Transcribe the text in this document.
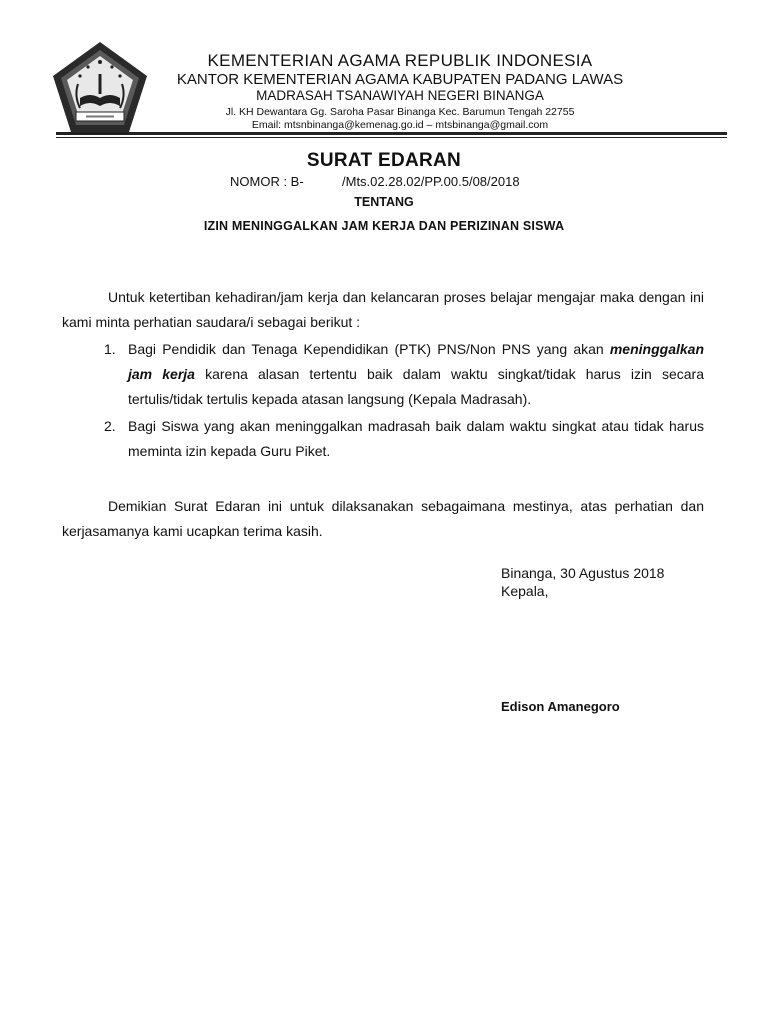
KEMENTERIAN AGAMA REPUBLIK INDONESIA
KANTOR KEMENTERIAN AGAMA KABUPATEN PADANG LAWAS
MADRASAH TSANAWIYAH NEGERI BINANGA
Jl. KH Dewantara Gg. Saroha Pasar Binanga Kec. Barumun Tengah 22755
Email: mtsnbinanga@kemenag.go.id – mtsbinanga@gmail.com
SURAT EDARAN
NOMOR : B-	/Mts.02.28.02/PP.00.5/08/2018
TENTANG
IZIN MENINGGALKAN JAM KERJA DAN PERIZINAN SISWA

Untuk ketertiban kehadiran/jam kerja dan kelancaran proses belajar mengajar maka dengan ini kami minta perhatian saudara/i sebagai berikut :

1. Bagi Pendidik dan Tenaga Kependidikan (PTK) PNS/Non PNS yang akan meninggalkan jam kerja karena alasan tertentu baik dalam waktu singkat/tidak harus izin secara tertulis/tidak tertulis kepada atasan langsung (Kepala Madrasah).
2. Bagi Siswa yang akan meninggalkan madrasah baik dalam waktu singkat atau tidak harus meminta izin kepada Guru Piket.

Demikian Surat Edaran ini untuk dilaksanakan sebagaimana mestinya, atas perhatian dan kerjasamanya kami ucapkan terima kasih.

Binanga, 30 Agustus 2018
Kepala,
Edison Amanegoro
